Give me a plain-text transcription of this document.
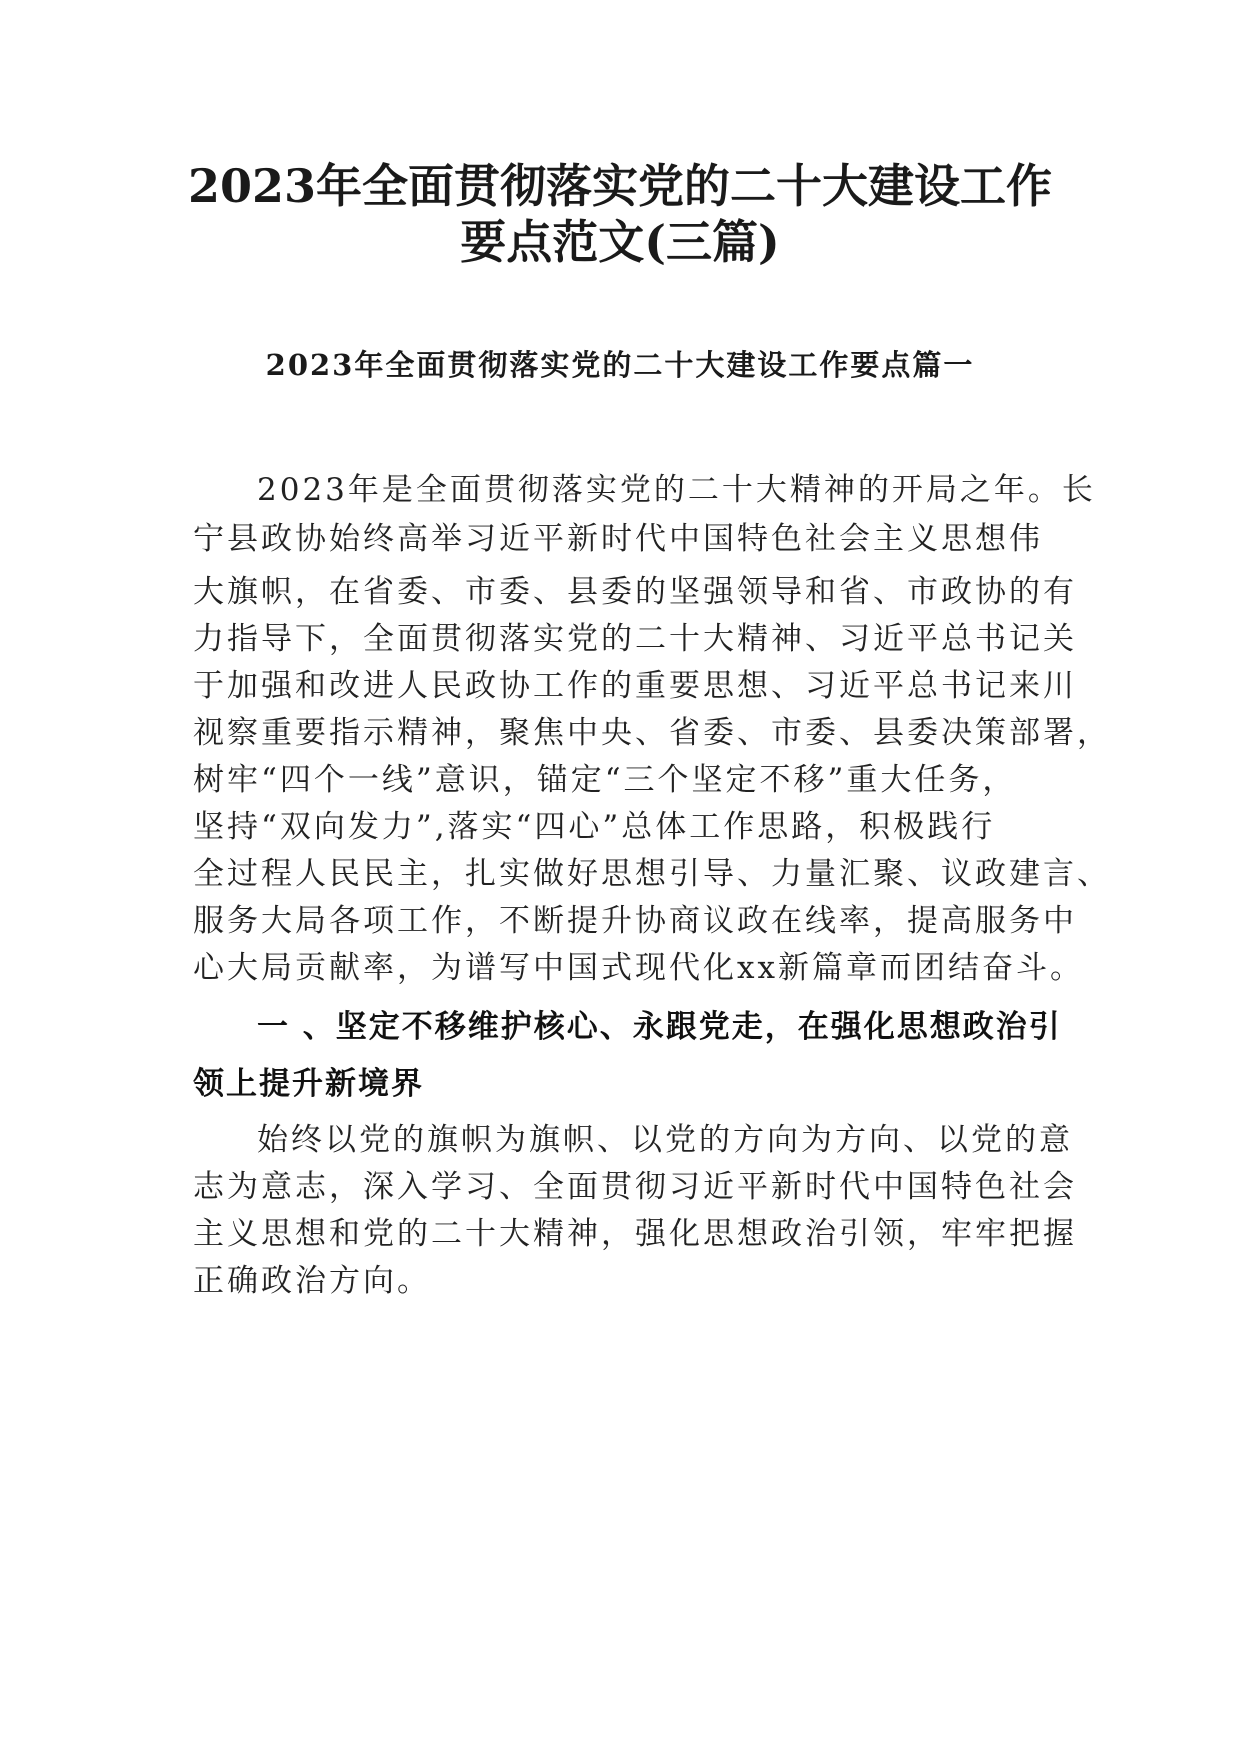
2023年全面贯彻落实党的二十大建设工作
要点范文(三篇)
2023年全面贯彻落实党的二十大建设工作要点篇一
2023年是全面贯彻落实党的二十大精神的开局之年。长
宁县政协始终高举习近平新时代中国特色社会主义思想伟
大旗帜，在省委、市委、县委的坚强领导和省、市政协的有
力指导下，全面贯彻落实党的二十大精神、习近平总书记关
于加强和改进人民政协工作的重要思想、习近平总书记来川
视察重要指示精神，聚焦中央、省委、市委、县委决策部署，
树牢“四个一线”意识，锚定“三个坚定不移”重大任务，
坚持“双向发力”,落实“四心”总体工作思路，积极践行
全过程人民民主，扎实做好思想引导、力量汇聚、议政建言、
服务大局各项工作，不断提升协商议政在线率，提高服务中
心大局贡献率，为谱写中国式现代化xx新篇章而团结奋斗。
一 、坚定不移维护核心、永跟党走，在强化思想政治引
领上提升新境界
始终以党的旗帜为旗帜、以党的方向为方向、以党的意
志为意志，深入学习、全面贯彻习近平新时代中国特色社会
主义思想和党的二十大精神，强化思想政治引领，牢牢把握
正确政治方向。
